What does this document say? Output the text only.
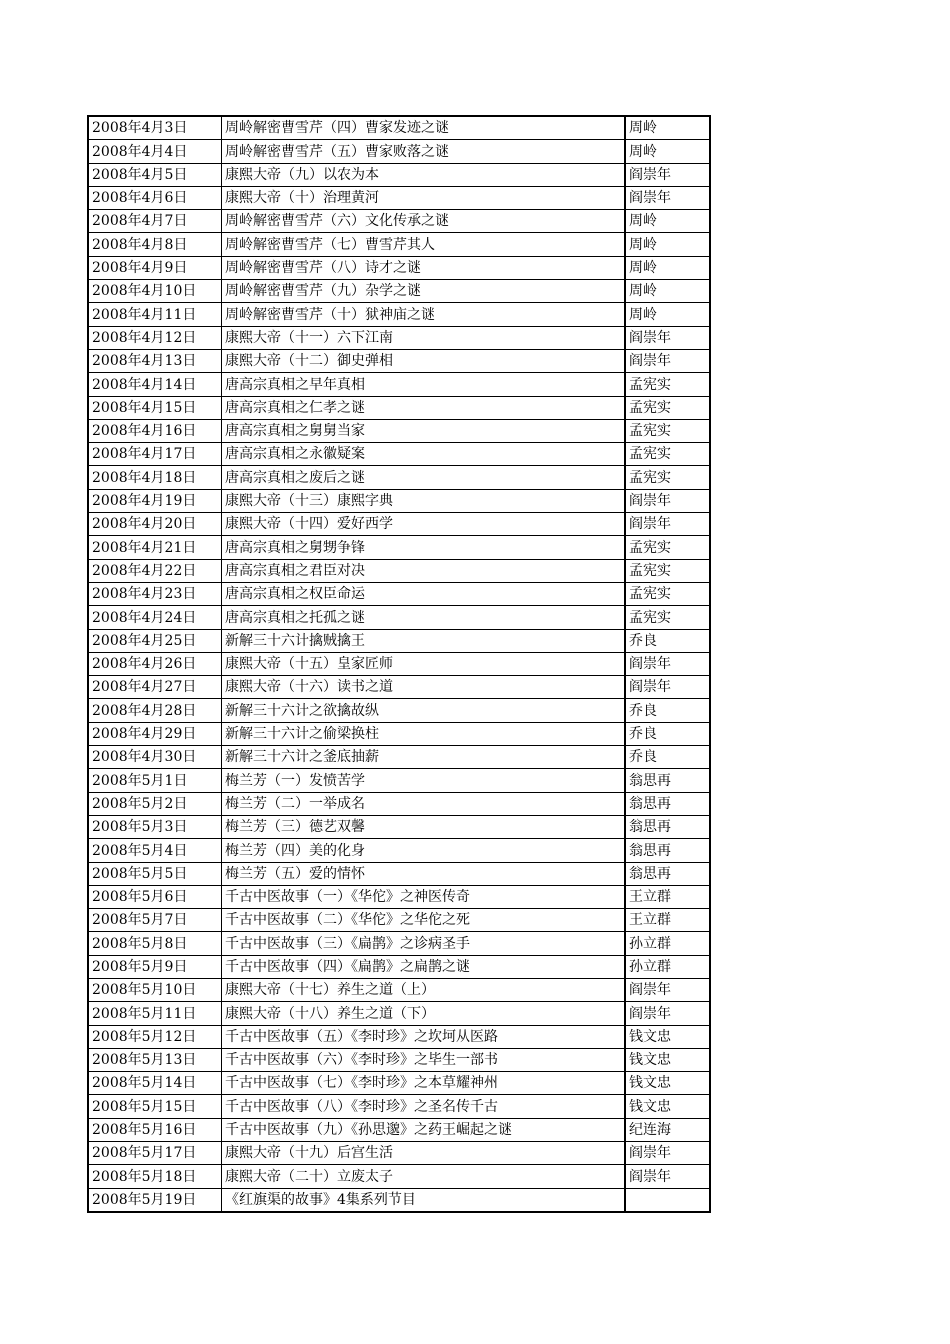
2008年4月3日	周岭解密曹雪芹（四）曹家发迹之谜	周岭
2008年4月4日	周岭解密曹雪芹（五）曹家败落之谜	周岭
2008年4月5日	康熙大帝（九）以农为本	阎崇年
2008年4月6日	康熙大帝（十）治理黄河	阎崇年
2008年4月7日	周岭解密曹雪芹（六）文化传承之谜	周岭
2008年4月8日	周岭解密曹雪芹（七）曹雪芹其人	周岭
2008年4月9日	周岭解密曹雪芹（八）诗才之谜	周岭
2008年4月10日	周岭解密曹雪芹（九）杂学之谜	周岭
2008年4月11日	周岭解密曹雪芹（十）狱神庙之谜	周岭
2008年4月12日	康熙大帝（十一）六下江南	阎崇年
2008年4月13日	康熙大帝（十二）御史弹相	阎崇年
2008年4月14日	唐高宗真相之早年真相	孟宪实
2008年4月15日	唐高宗真相之仁孝之谜	孟宪实
2008年4月16日	唐高宗真相之舅舅当家	孟宪实
2008年4月17日	唐高宗真相之永徽疑案	孟宪实
2008年4月18日	唐高宗真相之废后之谜	孟宪实
2008年4月19日	康熙大帝（十三）康熙字典	阎崇年
2008年4月20日	康熙大帝（十四）爱好西学	阎崇年
2008年4月21日	唐高宗真相之舅甥争锋	孟宪实
2008年4月22日	唐高宗真相之君臣对决	孟宪实
2008年4月23日	唐高宗真相之权臣命运	孟宪实
2008年4月24日	唐高宗真相之托孤之谜	孟宪实
2008年4月25日	新解三十六计擒贼擒王	乔良
2008年4月26日	康熙大帝（十五）皇家匠师	阎崇年
2008年4月27日	康熙大帝（十六）读书之道	阎崇年
2008年4月28日	新解三十六计之欲擒故纵	乔良
2008年4月29日	新解三十六计之偷梁换柱	乔良
2008年4月30日	新解三十六计之釜底抽薪	乔良
2008年5月1日	梅兰芳（一）发愤苦学	翁思再
2008年5月2日	梅兰芳（二）一举成名	翁思再
2008年5月3日	梅兰芳（三）德艺双馨	翁思再
2008年5月4日	梅兰芳（四）美的化身	翁思再
2008年5月5日	梅兰芳（五）爱的情怀	翁思再
2008年5月6日	千古中医故事（一）《华佗》之神医传奇	王立群
2008年5月7日	千古中医故事（二）《华佗》之华佗之死	王立群
2008年5月8日	千古中医故事（三）《扁鹊》之诊病圣手	孙立群
2008年5月9日	千古中医故事（四）《扁鹊》之扁鹊之谜	孙立群
2008年5月10日	康熙大帝（十七）养生之道（上）	阎崇年
2008年5月11日	康熙大帝（十八）养生之道（下）	阎崇年
2008年5月12日	千古中医故事（五）《李时珍》之坎坷从医路	钱文忠
2008年5月13日	千古中医故事（六）《李时珍》之毕生一部书	钱文忠
2008年5月14日	千古中医故事（七）《李时珍》之本草耀神州	钱文忠
2008年5月15日	千古中医故事（八）《李时珍》之圣名传千古	钱文忠
2008年5月16日	千古中医故事（九）《孙思邈》之药王崛起之谜	纪连海
2008年5月17日	康熙大帝（十九）后宫生活	阎崇年
2008年5月18日	康熙大帝（二十）立废太子	阎崇年
2008年5月19日	《红旗渠的故事》4集系列节目	
